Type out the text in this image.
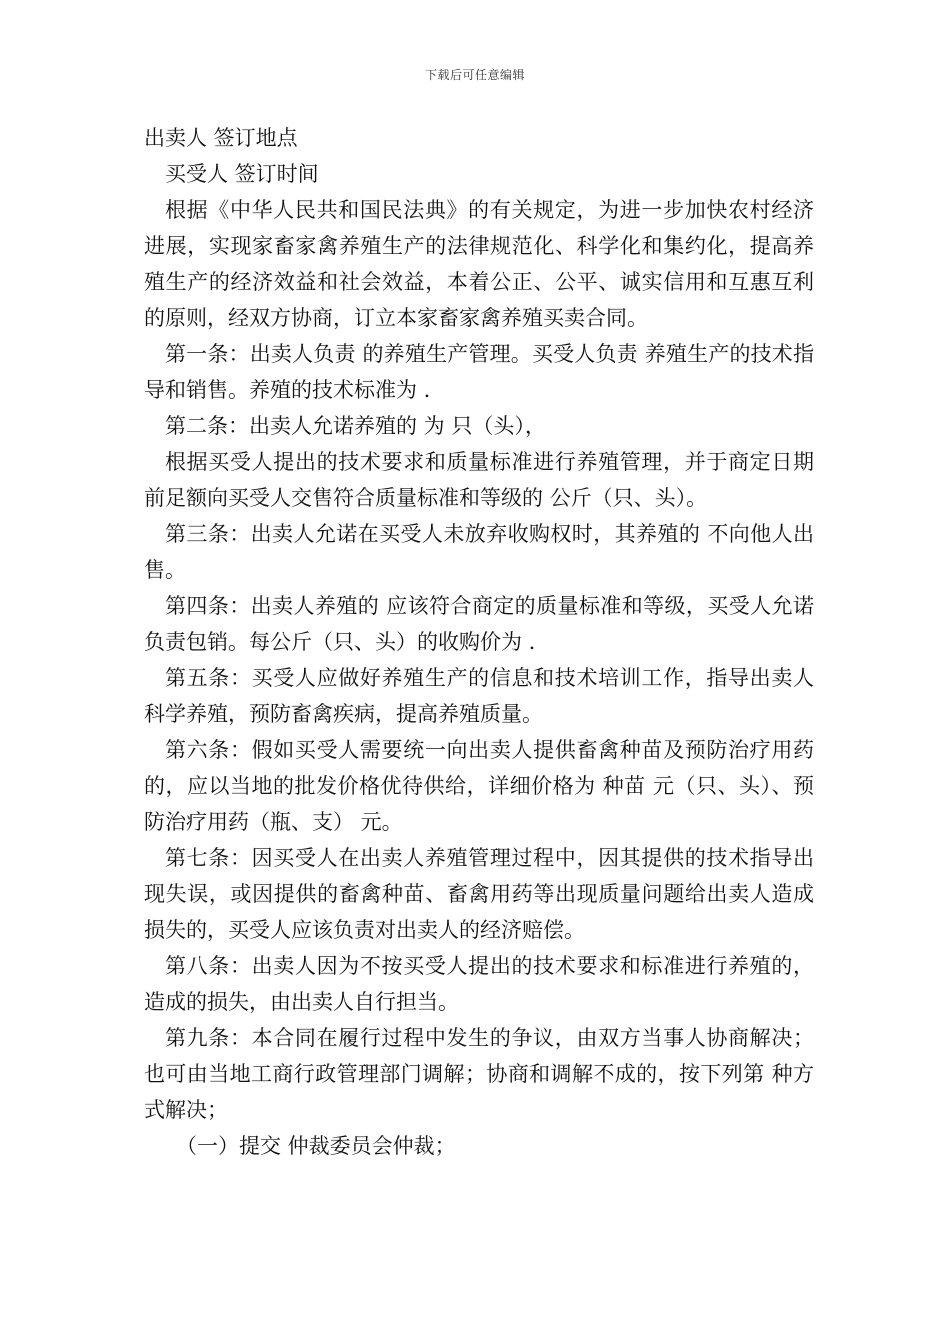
下载后可任意编辑

出卖人 签订地点

买受人 签订时间

根据《中华人民共和国民法典》的有关规定，为进一步加快农村经济进展，实现家畜家禽养殖生产的法律规范化、科学化和集约化，提高养殖生产的经济效益和社会效益，本着公正、公平、诚实信用和互惠互利的原则，经双方协商，订立本家畜家禽养殖买卖合同。

第一条：出卖人负责 的养殖生产管理。买受人负责 养殖生产的技术指导和销售。养殖的技术标准为 .

第二条：出卖人允诺养殖的 为 只（头），

根据买受人提出的技术要求和质量标准进行养殖管理，并于商定日期 前足额向买受人交售符合质量标准和等级的 公斤（只、头）。

第三条：出卖人允诺在买受人未放弃收购权时，其养殖的 不向他人出售。

第四条：出卖人养殖的 应该符合商定的质量标准和等级，买受人允诺负责包销。每公斤（只、头）的收购价为 .

第五条：买受人应做好养殖生产的信息和技术培训工作，指导出卖人科学养殖，预防畜禽疾病，提高养殖质量。

第六条：假如买受人需要统一向出卖人提供畜禽种苗及预防治疗用药的，应以当地的批发价格优待供给，详细价格为 种苗 元（只、头）、预防治疗用药（瓶、支） 元。

第七条：因买受人在出卖人养殖管理过程中，因其提供的技术指导出现失误，或因提供的畜禽种苗、畜禽用药等出现质量问题给出卖人造成损失的，买受人应该负责对出卖人的经济赔偿。

第八条：出卖人因为不按买受人提出的技术要求和标准进行养殖的，造成的损失，由出卖人自行担当。

第九条：本合同在履行过程中发生的争议，由双方当事人协商解决；也可由当地工商行政管理部门调解；协商和调解不成的，按下列第 种方式解决；

（一）提交 仲裁委员会仲裁；
